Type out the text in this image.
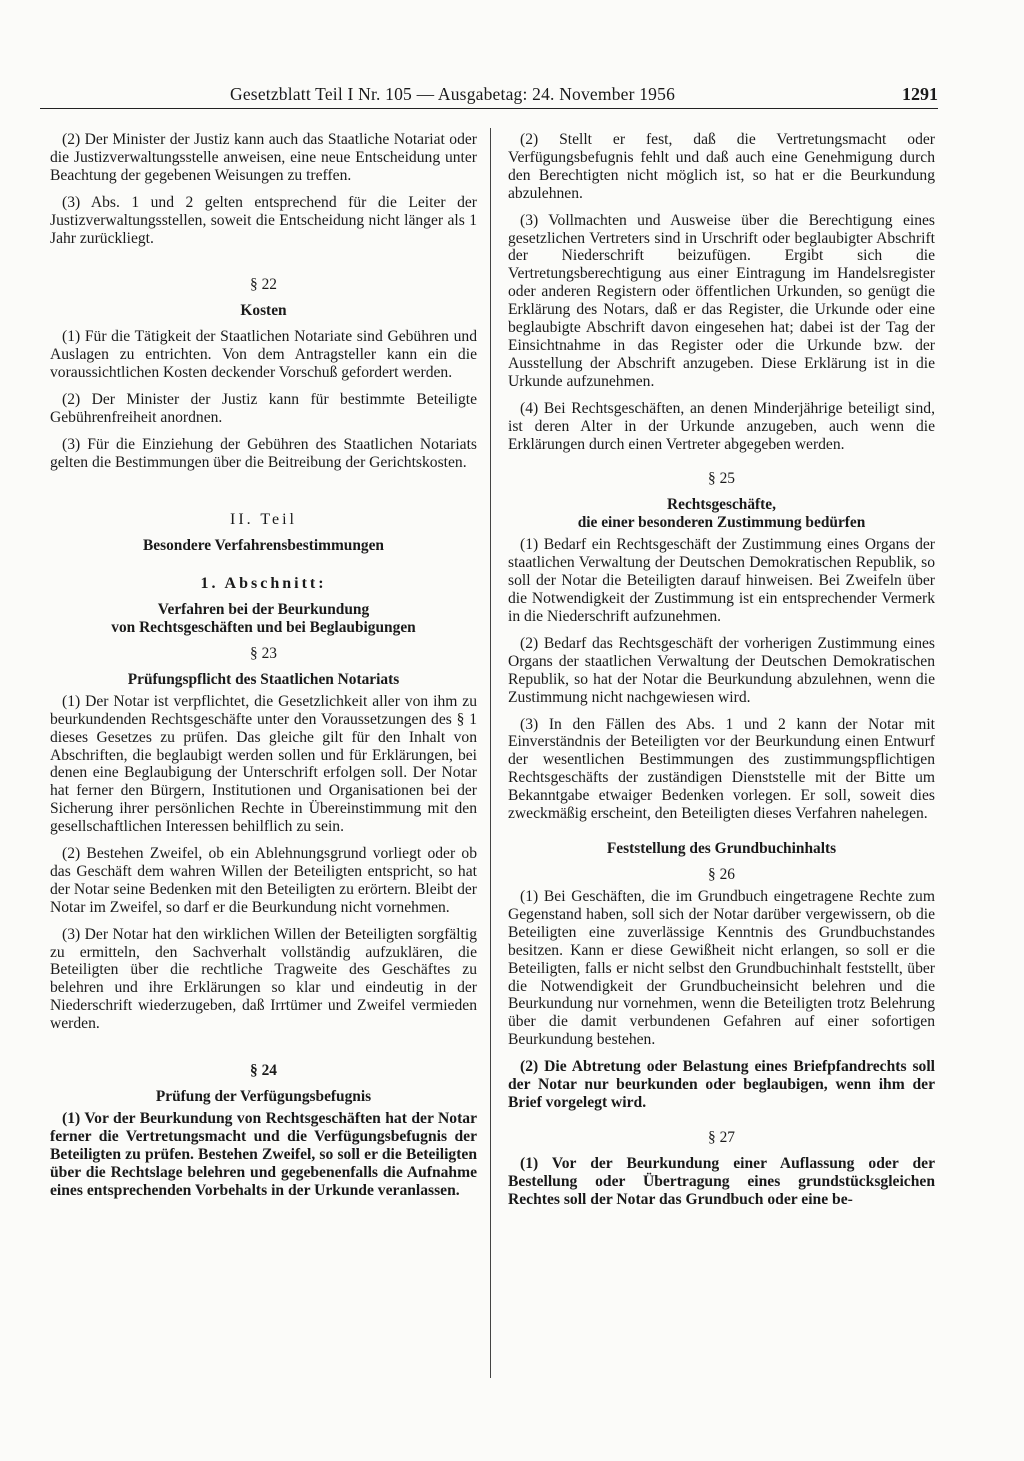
Gesetzblatt Teil I Nr. 105 — Ausgabetag: 24. November 1956	1291

(2) Der Minister der Justiz kann auch das Staatliche Notariat oder die Justizverwaltungsstelle anweisen, eine neue Entscheidung unter Beachtung der gegebenen Weisungen zu treffen.

(3) Abs. 1 und 2 gelten entsprechend für die Leiter der Justizverwaltungsstellen, soweit die Entscheidung nicht länger als 1 Jahr zurückliegt.

§ 22
Kosten

(1) Für die Tätigkeit der Staatlichen Notariate sind Gebühren und Auslagen zu entrichten. Von dem Antragsteller kann ein die voraussichtlichen Kosten deckender Vorschuß gefordert werden.

(2) Der Minister der Justiz kann für bestimmte Beteiligte Gebührenfreiheit anordnen.

(3) Für die Einziehung der Gebühren des Staatlichen Notariats gelten die Bestimmungen über die Beitreibung der Gerichtskosten.

II. Teil
Besondere Verfahrensbestimmungen
1. Abschnitt:
Verfahren bei der Beurkundung
von Rechtsgeschäften und bei Beglaubigungen
§ 23
Prüfungspflicht des Staatlichen Notariats

(1) Der Notar ist verpflichtet, die Gesetzlichkeit aller von ihm zu beurkundenden Rechtsgeschäfte unter den Voraussetzungen des § 1 dieses Gesetzes zu prüfen. Das gleiche gilt für den Inhalt von Abschriften, die beglaubigt werden sollen und für Erklärungen, bei denen eine Beglaubigung der Unterschrift erfolgen soll. Der Notar hat ferner den Bürgern, Institutionen und Organisationen bei der Sicherung ihrer persönlichen Rechte in Übereinstimmung mit den gesellschaftlichen Interessen behilflich zu sein.

(2) Bestehen Zweifel, ob ein Ablehnungsgrund vorliegt oder ob das Geschäft dem wahren Willen der Beteiligten entspricht, so hat der Notar seine Bedenken mit den Beteiligten zu erörtern. Bleibt der Notar im Zweifel, so darf er die Beurkundung nicht vornehmen.

(3) Der Notar hat den wirklichen Willen der Beteiligten sorgfältig zu ermitteln, den Sachverhalt vollständig aufzuklären, die Beteiligten über die rechtliche Tragweite des Geschäftes zu belehren und ihre Erklärungen so klar und eindeutig in der Niederschrift wiederzugeben, daß Irrtümer und Zweifel vermieden werden.

§ 24
Prüfung der Verfügungsbefugnis

(1) Vor der Beurkundung von Rechtsgeschäften hat der Notar ferner die Vertretungsmacht und die Verfügungsbefugnis der Beteiligten zu prüfen. Bestehen Zweifel, so soll er die Beteiligten über die Rechtslage belehren und gegebenenfalls die Aufnahme eines entsprechenden Vorbehalts in der Urkunde veranlassen.

(2) Stellt er fest, daß die Vertretungsmacht oder Verfügungsbefugnis fehlt und daß auch eine Genehmigung durch den Berechtigten nicht möglich ist, so hat er die Beurkundung abzulehnen.

(3) Vollmachten und Ausweise über die Berechtigung eines gesetzlichen Vertreters sind in Urschrift oder beglaubigter Abschrift der Niederschrift beizufügen. Ergibt sich die Vertretungsberechtigung aus einer Eintragung im Handelsregister oder anderen Registern oder öffentlichen Urkunden, so genügt die Erklärung des Notars, daß er das Register, die Urkunde oder eine beglaubigte Abschrift davon eingesehen hat; dabei ist der Tag der Einsichtnahme in das Register oder die Urkunde bzw. der Ausstellung der Abschrift anzugeben. Diese Erklärung ist in die Urkunde aufzunehmen.

(4) Bei Rechtsgeschäften, an denen Minderjährige beteiligt sind, ist deren Alter in der Urkunde anzugeben, auch wenn die Erklärungen durch einen Vertreter abgegeben werden.

§ 25
Rechtsgeschäfte,
die einer besonderen Zustimmung bedürfen

(1) Bedarf ein Rechtsgeschäft der Zustimmung eines Organs der staatlichen Verwaltung der Deutschen Demokratischen Republik, so soll der Notar die Beteiligten darauf hinweisen. Bei Zweifeln über die Notwendigkeit der Zustimmung ist ein entsprechender Vermerk in die Niederschrift aufzunehmen.

(2) Bedarf das Rechtsgeschäft der vorherigen Zustimmung eines Organs der staatlichen Verwaltung der Deutschen Demokratischen Republik, so hat der Notar die Beurkundung abzulehnen, wenn die Zustimmung nicht nachgewiesen wird.

(3) In den Fällen des Abs. 1 und 2 kann der Notar mit Einverständnis der Beteiligten vor der Beurkundung einen Entwurf der wesentlichen Bestimmungen des zustimmungspflichtigen Rechtsgeschäfts der zuständigen Dienststelle mit der Bitte um Bekanntgabe etwaiger Bedenken vorlegen. Er soll, soweit dies zweckmäßig erscheint, den Beteiligten dieses Verfahren nahelegen.

Feststellung des Grundbuchinhalts
§ 26

(1) Bei Geschäften, die im Grundbuch eingetragene Rechte zum Gegenstand haben, soll sich der Notar darüber vergewissern, ob die Beteiligten eine zuverlässige Kenntnis des Grundbuchstandes besitzen. Kann er diese Gewißheit nicht erlangen, so soll er die Beteiligten, falls er nicht selbst den Grundbuchinhalt feststellt, über die Notwendigkeit der Grundbucheinsicht belehren und die Beurkundung nur vornehmen, wenn die Beteiligten trotz Belehrung über die damit verbundenen Gefahren auf einer sofortigen Beurkundung bestehen.

(2) Die Abtretung oder Belastung eines Briefpfandrechts soll der Notar nur beurkunden oder beglaubigen, wenn ihm der Brief vorgelegt wird.

§ 27

(1) Vor der Beurkundung einer Auflassung oder der Bestellung oder Übertragung eines grundstücksgleichen Rechtes soll der Notar das Grundbuch oder eine be-
